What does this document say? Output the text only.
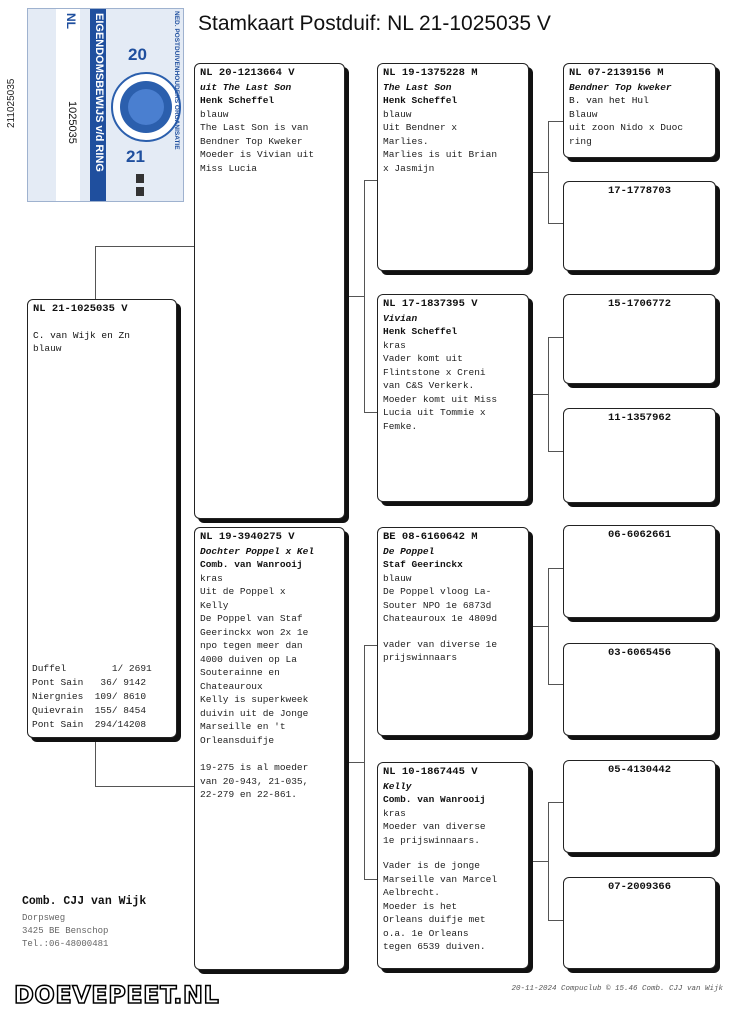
Stamkaart Postduif: NL 21-1025035 V
NED. POSTDUIVENHOUDERS ORGANISATIE
EIGENDOMSBEWIJS v/d RING 20
21
NL
1025035
211025035
NL 21-1025035 V
C. van Wijk en Zn
blauw
Duffel        1/ 2691
Pont Sain   36/ 9142
Niergnies  109/ 8610
Quievrain  155/ 8454
Pont Sain  294/14208
NL 20-1213664 V
uit The Last Son
Henk Scheffel
blauw
The Last Son is van
Bendner Top Kweker
Moeder is Vivian uit
Miss Lucia
NL 19-3940275 V
Dochter Poppel x Kel
Comb. van Wanrooij
kras
Uit de Poppel x
Kelly
De Poppel van Staf
Geerinckx won 2x 1e
npo tegen meer dan
4000 duiven op La
Souterainne en
Chateauroux
Kelly is superkweek
duivin uit de Jonge
Marseille en 't
Orleansduifje
19-275 is al moeder
van 20-943, 21-035,
22-279 en 22-861.
NL 19-1375228 M
The Last Son
Henk Scheffel
blauw
Uit Bendner x
Marlies.
Marlies is uit Brian
x Jasmijn
NL 17-1837395 V
Vivian
Henk Scheffel
kras
Vader komt uit
Flintstone x Creni
van C&S Verkerk.
Moeder komt uit Miss
Lucia uit Tommie x
Femke.
BE 08-6160642 M
De Poppel
Staf Geerinckx
blauw
De Poppel vloog La-
Souter NPO 1e 6873d
Chateauroux 1e 4809d
vader van diverse 1e
prijswinnaars
NL 10-1867445 V
Kelly
Comb. van Wanrooij
kras
Moeder van diverse
1e prijswinnaars.
Vader is de jonge
Marseille van Marcel
Aelbrecht.
Moeder is het
Orleans duifje met
o.a. 1e Orleans
tegen 6539 duiven.
NL 07-2139156 M
Bendner Top kweker
B. van het Hul
Blauw
uit zoon Nido x Duoc
ring
17-1778703
15-1706772
11-1357962
06-6062661
03-6065456
05-4130442
07-2009366
Comb. CJJ van Wijk
Dorpsweg
3425 BE Benschop
Tel.:06-48000481
20-11-2024 Compuclub © 15.46 Comb. CJJ van Wijk
DOEVEPEET.NL
